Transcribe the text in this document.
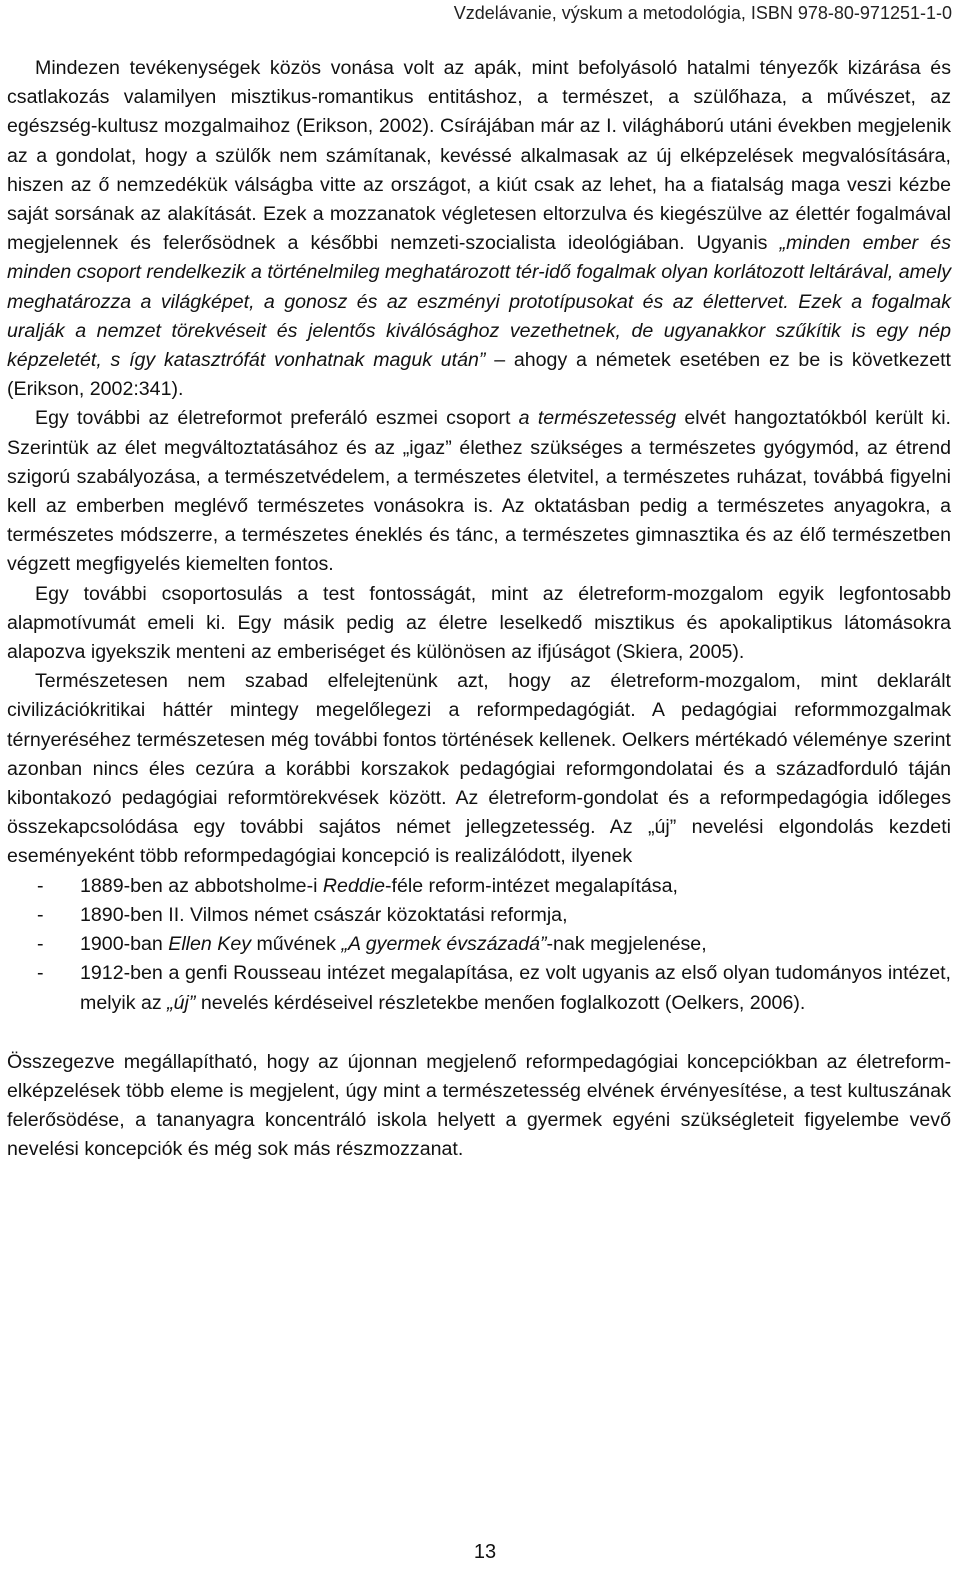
Vzdelávanie, výskum a metodológia, ISBN 978-80-971251-1-0

Mindezen tevékenységek közös vonása volt az apák, mint befolyásoló hatalmi tényezők kizárása és csatlakozás valamilyen misztikus-romantikus entitáshoz, a természet, a szülőhaza, a művészet, az egészség-kultusz mozgalmaihoz (Erikson, 2002). Csírájában már az I. világháború utáni években megjelenik az a gondolat, hogy a szülők nem számítanak, kevéssé alkalmasak az új elképzelések megvalósítására, hiszen az ő nemzedékük válságba vitte az országot, a kiút csak az lehet, ha a fiatalság maga veszi kézbe saját sorsának az alakítását. Ezek a mozzanatok végletesen eltorzulva és kiegészülve az élettér fogalmával megjelennek és felerősödnek a későbbi nemzeti-szocialista ideológiában. Ugyanis „minden ember és minden csoport rendelkezik a történelmileg meghatározott tér-idő fogalmak olyan korlátozott leltárával, amely meghatározza a világképet, a gonosz és az eszményi prototípusokat és az élettervet. Ezek a fogalmak uralják a nemzet törekvéseit és jelentős kiválósághoz vezethetnek, de ugyanakkor szűkítik is egy nép képzeletét, s így katasztrófát vonhatnak maguk után” – ahogy a németek esetében ez be is következett (Erikson, 2002:341).

Egy további az életreformot preferáló eszmei csoport a természetesség elvét hangoztatókból került ki. Szerintük az élet megváltoztatásához és az „igaz” élethez szükséges a természetes gyógymód, az étrend szigorú szabályozása, a természetvédelem, a természetes életvitel, a természetes ruházat, továbbá figyelni kell az emberben meglévő természetes vonásokra is. Az oktatásban pedig a természetes anyagokra, a természetes módszerre, a természetes éneklés és tánc, a természetes gimnasztika és az élő természetben végzett megfigyelés kiemelten fontos.

Egy további csoportosulás a test fontosságát, mint az életreform-mozgalom egyik legfontosabb alapmotívumát emeli ki. Egy másik pedig az életre leselkedő misztikus és apokaliptikus látomásokra alapozva igyekszik menteni az emberiséget és különösen az ifjúságot (Skiera, 2005).

Természetesen nem szabad elfelejtenünk azt, hogy az életreform-mozgalom, mint deklarált civilizációkritikai háttér mintegy megelőlegezi a reformpedagógiát. A pedagógiai reformmozgalmak térnyeréséhez természetesen még további fontos történések kellenek. Oelkers mértékadó véleménye szerint azonban nincs éles cezúra a korábbi korszakok pedagógiai reformgondolatai és a századforduló táján kibontakozó pedagógiai reformtörekvések között. Az életreform-gondolat és a reformpedagógia időleges összekapcsolódása egy további sajátos német jellegzetesség. Az „új” nevelési elgondolás kezdeti eseményeként több reformpedagógiai koncepció is realizálódott, ilyenek

- 1889-ben az abbotsholme-i Reddie-féle reform-intézet megalapítása,
- 1890-ben II. Vilmos német császár közoktatási reformja,
- 1900-ban Ellen Key művének „A gyermek évszázadá”-nak megjelenése,
- 1912-ben a genfi Rousseau intézet megalapítása, ez volt ugyanis az első olyan tudományos intézet, melyik az „új” nevelés kérdéseivel részletekbe menően foglalkozott (Oelkers, 2006).

Összegezve megállapítható, hogy az újonnan megjelenő reformpedagógiai koncepciókban az életreform-elképzelések több eleme is megjelent, úgy mint a természetesség elvének érvényesítése, a test kultuszának felerősödése, a tananyagra koncentráló iskola helyett a gyermek egyéni szükségleteit figyelembe vevő nevelési koncepciók és még sok más részmozzanat.

13
